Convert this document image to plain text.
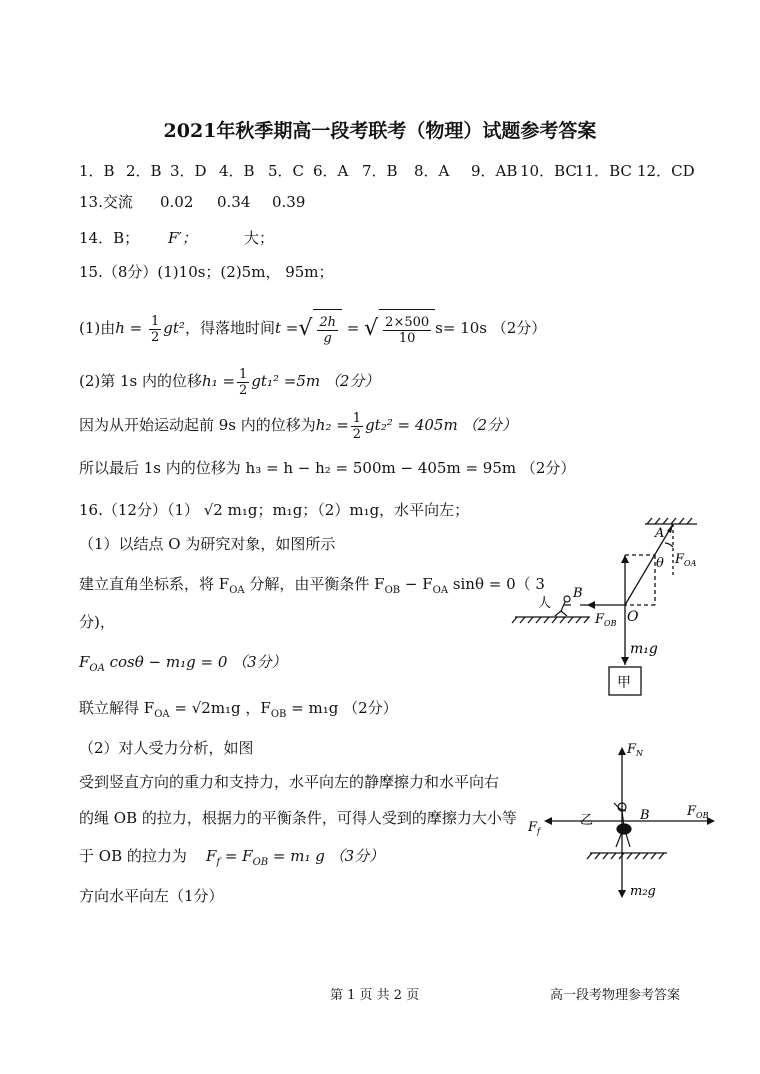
2021年秋季期高一段考联考（物理）试题参考答案
1．B 2．B 3．D 4．B 5．C 6．A 7．B 8．A 9．AB 10．BC
11．BC 12．CD
13.交流 0.02 0.34 0.39
14．B； F′；	大；
15.（8分）(1)10s；(2)5m， 95m；
(1)由$h = \frac{1}{2} gt^2$，得落地时间t =√ $\frac{2h}{g}$ = √ $\frac{2\times 500}{10} s= 10s$ （2分）
(2)第 1s 内的位移$h_1 = \frac{1}{2} gt_1^2 =5m$ （2分）
因为从开始运动起前 9s 内的位移为$h_2 = \frac{1}{2} gt_2^2 = 405m$ （2分）
所以最后 1s 内的位移为 h₃ = h − h₂ = 500m − 405m = 95m （2分）
16.（12分）（1） √2 m₁g；m₁g；（2）m₁g，水平向左；
（1）以结点 O 为研究对象，如图所示
建立直角坐标系，将 $F_{OA}$ 分解，由平衡条件 $F_{OB} - F_{OA}$ sinθ = 0（ 3
分)，
$F_{OA}$ cosθ − m₁g = 0 （3分）
联立解得 $F_{OA} = √2m_1g$ ，$F_{OB} = m_1g$ （2分）
（2）对人受力分析，如图
受到竖直方向的重力和支持力，水平向左的静摩擦力和水平向右
的绳 OB 的拉力，根据力的平衡条件，可得人受到的摩擦力大小等
于 OB 的拉力为 $F_f = F_{OB} = m_1$ g （3分）
方向水平向左（1分）
A
θ $F_{OA}$
人
B
O
$F_{OB}$
m₁g
甲
$F_N$
$F_f$
乙	B	$F_{OB}$
m₂g
第 1 页 共 2 页	高一段考物理参考答案
